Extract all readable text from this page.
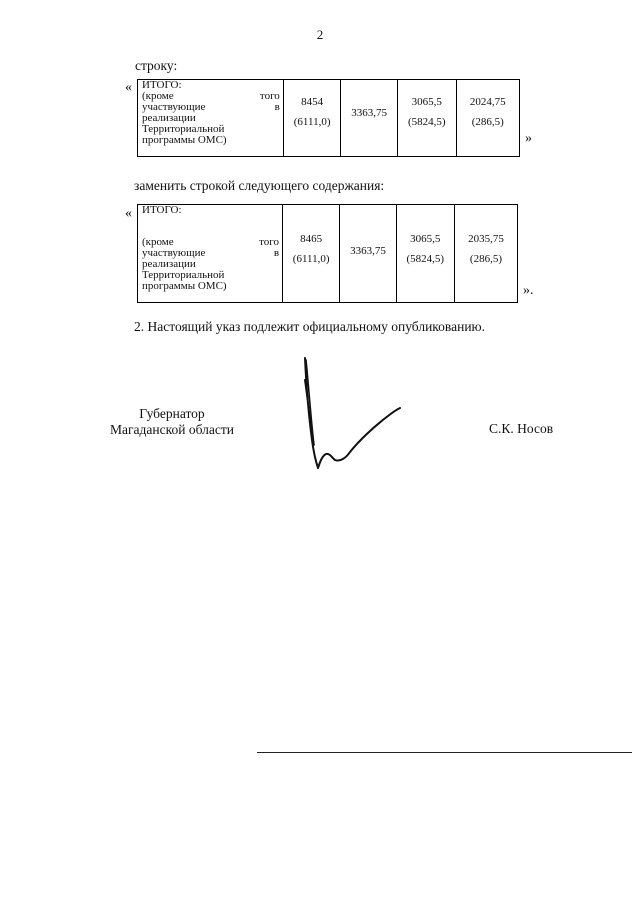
2
строку:
« ИТОГО:
(кроме	того
участвующие	в
реализации
Территориальной
программы ОМС)

8454
(6111,0)

3363,75

3065,5
(5824,5)

2024,75
(286,5)
»
заменить строкой следующего содержания:
« ИТОГО:
(кроме	того
участвующие	в
реализации
Территориальной
программы ОМС)

8465
(6111,0)

3363,75

3065,5
(5824,5)

2035,75
(286,5)
».
2. Настоящий указ подлежит официальному опубликованию.
Губернатор
Магаданской области	С.К. Носов
